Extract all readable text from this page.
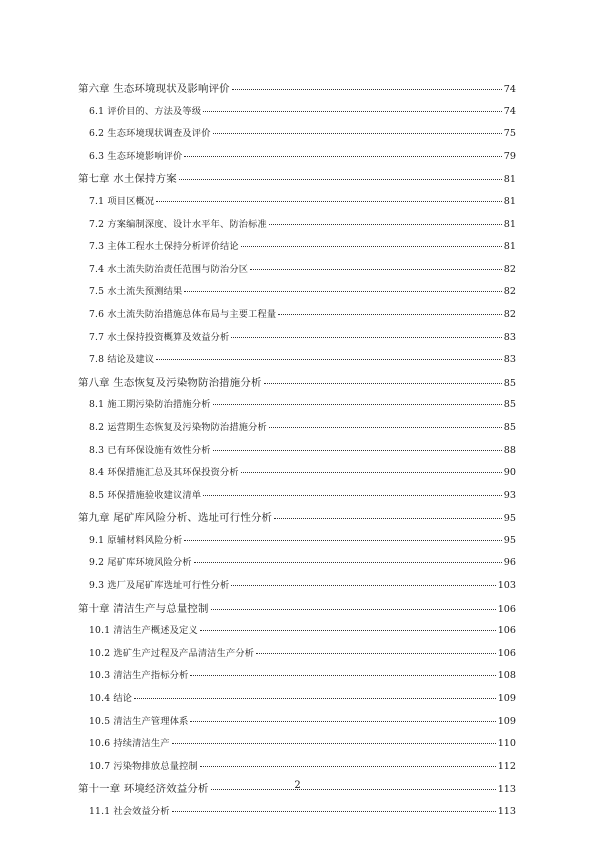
第六章 生态环境现状及影响评价	74
6.1 评价目的、方法及等级	74
6.2 生态环境现状调查及评价	75
6.3 生态环境影响评价	79
第七章 水土保持方案	81
7.1 项目区概况	81
7.2 方案编制深度、设计水平年、防治标准	81
7.3 主体工程水土保持分析评价结论	81
7.4 水土流失防治责任范围与防治分区	82
7.5 水土流失预测结果	82
7.6 水土流失防治措施总体布局与主要工程量	82
7.7 水土保持投资概算及效益分析	83
7.8 结论及建议	83
第八章 生态恢复及污染物防治措施分析	85
8.1 施工期污染防治措施分析	85
8.2 运营期生态恢复及污染物防治措施分析	85
8.3 已有环保设施有效性分析	88
8.4 环保措施汇总及其环保投资分析	90
8.5 环保措施验收建议清单	93
第九章 尾矿库风险分析、选址可行性分析	95
9.1 原辅材料风险分析	95
9.2 尾矿库环境风险分析	96
9.3 选厂及尾矿库选址可行性分析	103
第十章 清洁生产与总量控制	106
10.1 清洁生产概述及定义	106
10.2 选矿生产过程及产品清洁生产分析	106
10.3 清洁生产指标分析	108
10.4 结论	109
10.5 清洁生产管理体系	109
10.6 持续清洁生产	110
10.7 污染物排放总量控制	112
第十一章 环境经济效益分析	113
11.1 社会效益分析	113
2
